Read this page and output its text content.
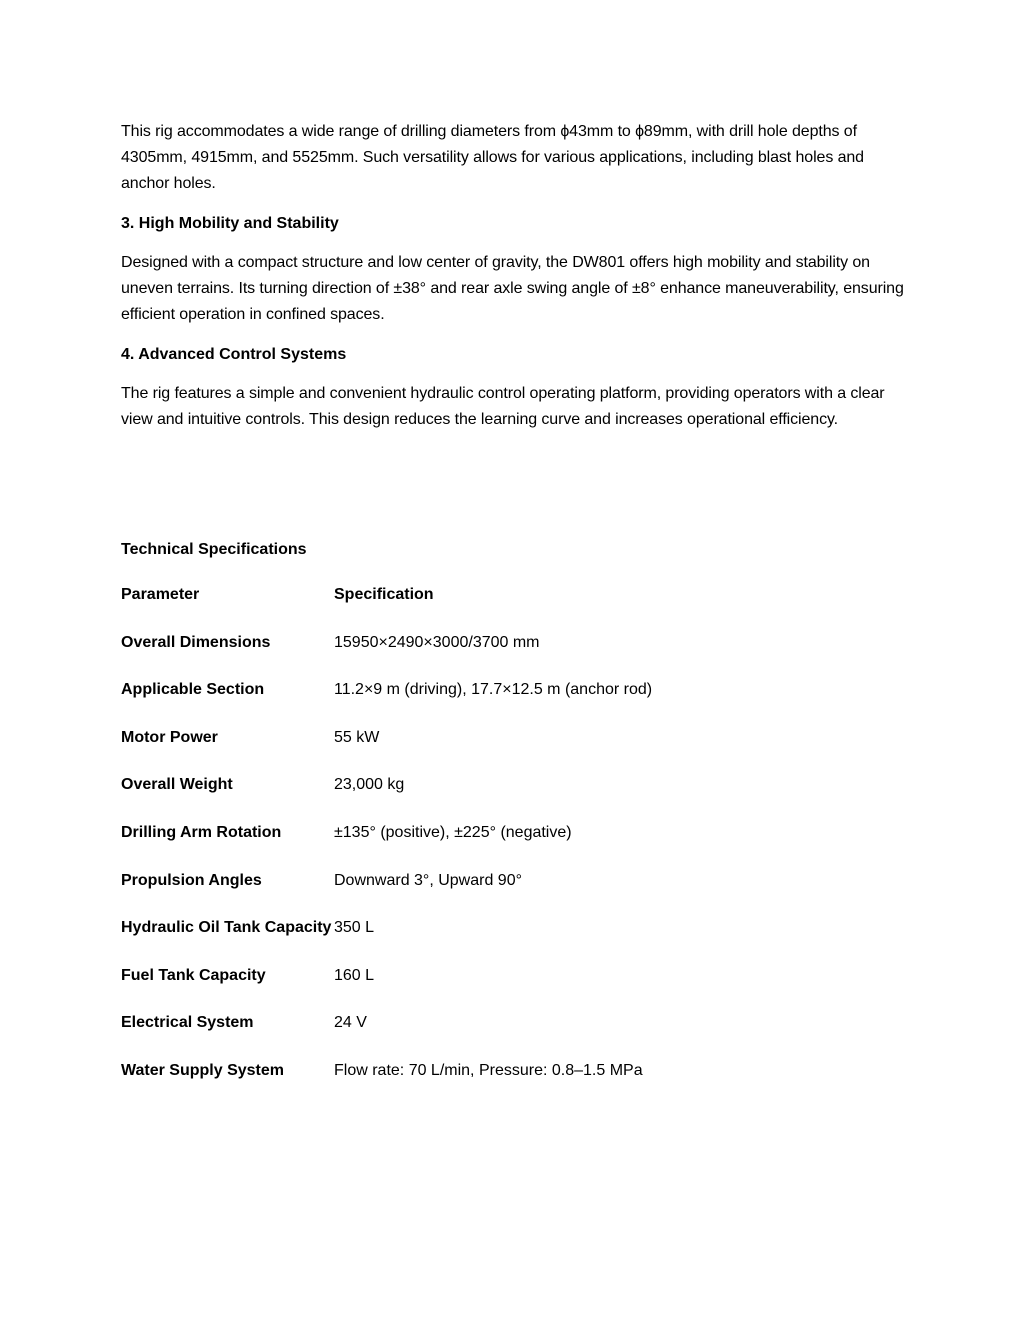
This rig accommodates a wide range of drilling diameters from ϕ43mm to ϕ89mm, with drill hole depths of 4305mm, 4915mm, and 5525mm. Such versatility allows for various applications, including blast holes and anchor holes.

3. High Mobility and Stability

Designed with a compact structure and low center of gravity, the DW801 offers high mobility and stability on uneven terrains. Its turning direction of ±38° and rear axle swing angle of ±8° enhance maneuverability, ensuring efficient operation in confined spaces.

4. Advanced Control Systems

The rig features a simple and convenient hydraulic control operating platform, providing operators with a clear view and intuitive controls. This design reduces the learning curve and increases operational efficiency.

Technical Specifications
Parameter	Specification
Overall Dimensions	15950×2490×3000/3700 mm
Applicable Section	11.2×9 m (driving), 17.7×12.5 m (anchor rod)
Motor Power	55 kW
Overall Weight	23,000 kg
Drilling Arm Rotation	±135° (positive), ±225° (negative)
Propulsion Angles	Downward 3°, Upward 90°
Hydraulic Oil Tank Capacity 350 L
Fuel Tank Capacity	160 L
Electrical System	24 V
Water Supply System	Flow rate: 70 L/min, Pressure: 0.8–1.5 MPa
